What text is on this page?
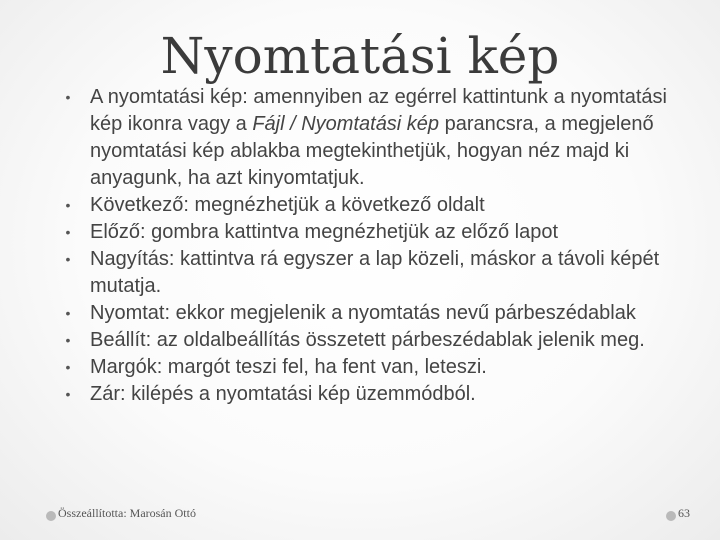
Nyomtatási kép
• A nyomtatási kép: amennyiben az egérrel kattintunk a nyomtatási kép ikonra vagy a Fájl / Nyomtatási kép parancsra, a megjelenő nyomtatási kép ablakba megtekinthetjük, hogyan néz majd ki anyagunk, ha azt kinyomtatjuk.
• Következő: megnézhetjük a következő oldalt
• Előző: gombra kattintva megnézhetjük az előző lapot
• Nagyítás: kattintva rá egyszer a lap közeli, máskor a távoli képét mutatja.
• Nyomtat: ekkor megjelenik a nyomtatás nevű párbeszédablak
• Beállít: az oldalbeállítás összetett párbeszédablak jelenik meg.
• Margók: margót teszi fel, ha fent van, leteszi.
• Zár: kilépés a nyomtatási kép üzemmódból.
Összeállította: Marosán Ottó	63
